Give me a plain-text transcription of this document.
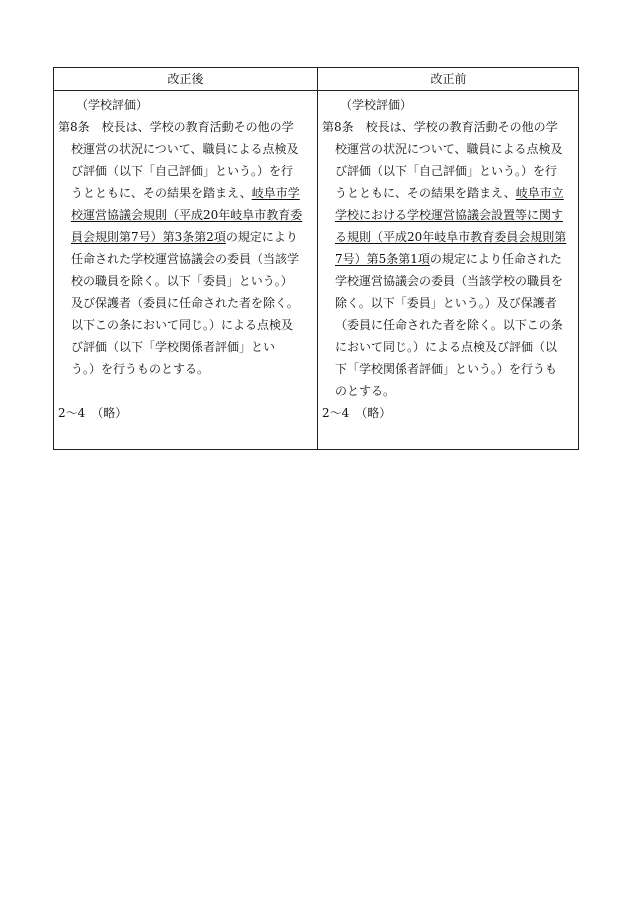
改正後
（学校評価）
第8条　校長は、学校の教育活動その他の学
校運営の状況について、職員による点検及
び評価（以下「自己評価」という。）を行
うとともに、その結果を踏まえ、岐阜市学
校運営協議会規則（平成20年岐阜市教育委
員会規則第7号）第3条第2項の規定により
任命された学校運営協議会の委員（当該学
校の職員を除く。以下「委員」という。）
及び保護者（委員に任命された者を除く。
以下この条において同じ。）による点検及
び評価（以下「学校関係者評価」とい
う。）を行うものとする。
2～4　（略）
改正前
（学校評価）
第8条　校長は、学校の教育活動その他の学
校運営の状況について、職員による点検及
び評価（以下「自己評価」という。）を行
うとともに、その結果を踏まえ、岐阜市立
学校における学校運営協議会設置等に関す
る規則（平成20年岐阜市教育委員会規則第
7号）第5条第1項の規定により任命された
学校運営協議会の委員（当該学校の職員を
除く。以下「委員」という。）及び保護者
（委員に任命された者を除く。以下この条
において同じ。）による点検及び評価（以
下「学校関係者評価」という。）を行うも
のとする。
2～4　（略）
